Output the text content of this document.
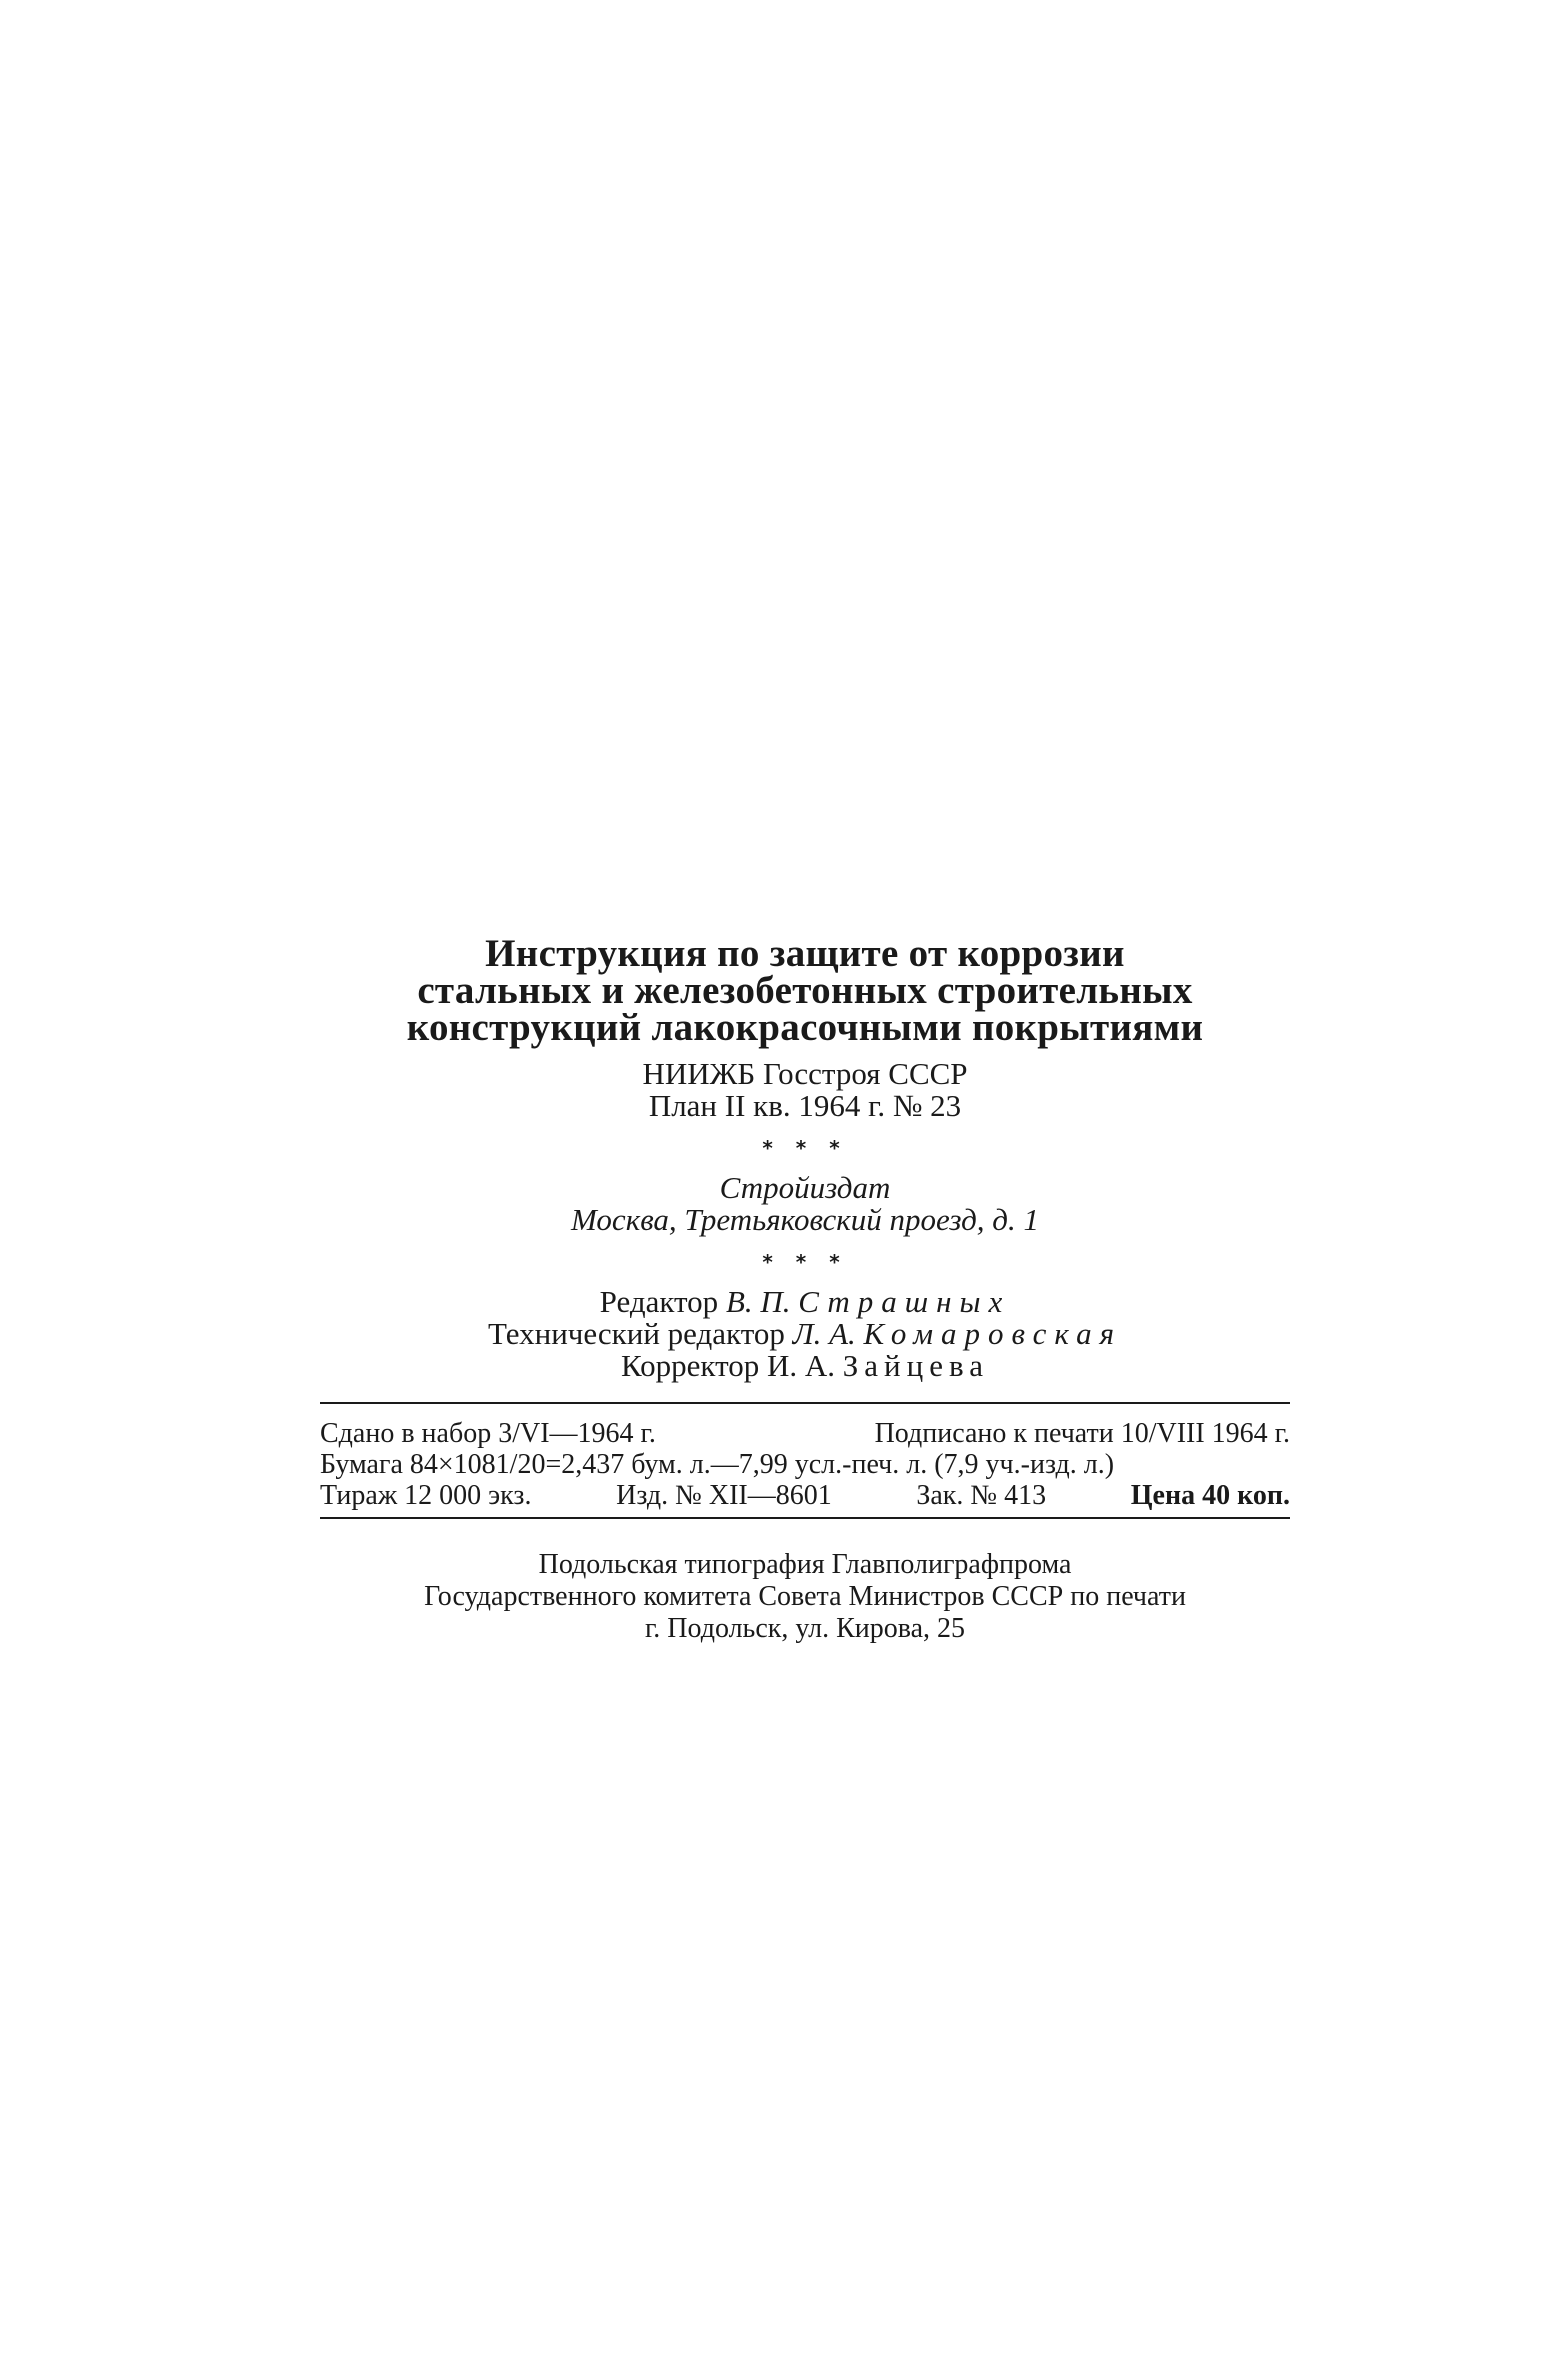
Инструкция по защите от коррозии
стальных и железобетонных строительных
конструкций лакокрасочными покрытиями
НИИЖБ Госстроя СССР
План II кв. 1964 г. № 23
* * *
Стройиздат
Москва, Третьяковский проезд, д. 1
* * *
Редактор В. П. Страшных
Технический редактор Л. А. Комаровская
Корректор И. А. Зайцева
Сдано в набор 3/VI—1964 г.	Подписано к печати 10/VIII 1964 г.
Бумага 84×1081/20=2,437 бум. л.—7,99 усл.-печ. л. (7,9 уч.-изд. л.)
Тираж 12 000 экз.	Изд. № XII—8601	Зак. № 413	Цена 40 коп.
Подольская типография Главполиграфпрома
Государственного комитета Совета Министров СССР по печати
г. Подольск, ул. Кирова, 25
